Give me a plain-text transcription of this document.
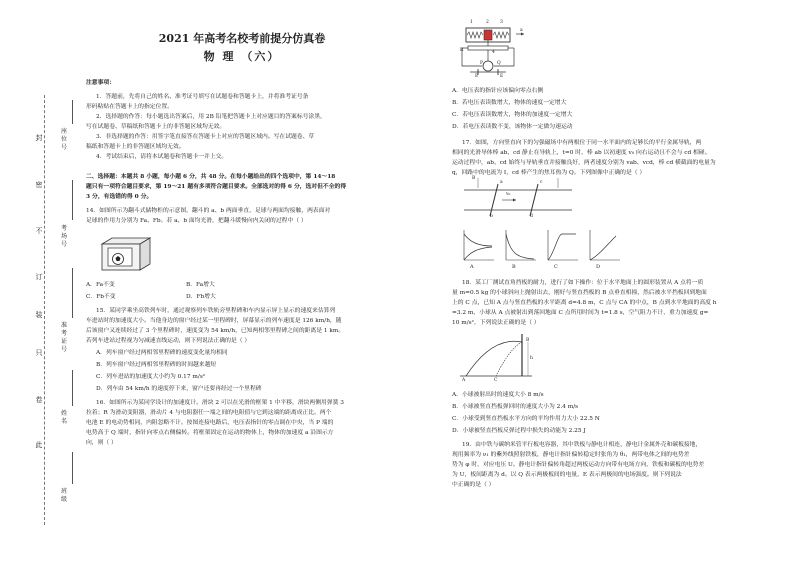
封
密
不
订
装
只
卷
此
座位号
考场号
准考证号
姓名
班级
2021 年高考名校考前提分仿真卷
物 理 （六）
注意事项：
1．答题前，先将自己的姓名、准考证号填写在试题卷和答题卡上，并将准考证号条
形码粘贴在答题卡上的指定位置。
2．选择题的作答：每小题选出答案后，用 2B 铅笔把答题卡上对应题目的答案标号涂黑，
写在试题卷、草稿纸和答题卡上的非答题区域均无效。
3．非选择题的作答：用签字笔直接答在答题卡上对应的答题区域内。写在试题卷、草
稿纸和答题卡上的非答题区域均无效。
4．考试结束后，请将本试题卷和答题卡一并上交。
二、选择题：本题共 8 小题，每小题 6 分，共 48 分。在每小题给出的四个选项中，第 14～18
题只有一项符合题目要求，第 19～21 题有多项符合题目要求。全部选对的得 6 分，选对但不全的得
3 分，有选错的得 0 分。
14．如图所示为翻斗式储物柜的示意图，翻斗的 a、b 两面垂直，足球与两面均接触，两表面对
足球的作用力分别为 Fa、Fb。若 a、b 面均光滑，把翻斗缓慢向内关闭的过程中（ ）
A．Fa不变	B．Fa增大
C．Fb不变	D．Fb增大
15．某同学乘坐高铁列车时，通过观察列车铁轨旁里程碑和车内显示屏上显示的速度来估算列
车进站时的加速度大小。当他身边的窗户经过某一里程碑时，屏幕显示的列车速度是 126 km/h，随
后该窗户又连续经过了 3 个里程碑时，速度变为 54 km/h，已知两相邻里程碑之间的距离是 1 km。
若列车进站过程视为匀减速直线运动，则下列说法正确的是（ ）
A．列车窗户经过两相邻里程碑的速度变化量均相同
B．列车窗户经过两相邻里程碑的时间越来越短
C．列车进站的加速度大小约为 0.17 m/s²
D．列车由 54 km/h 的速度停下来，窗户还要再经过一个里程碑
16．如图所示为某同学设计的加速度计。滑块 2 可以在光滑的框架 1 中平移，滑块两侧用弹簧 3
拉着；R 为滑动变阻器，滑动片 4 与电阻器任一端之间的电阻值与它到这端的距离成正比。两个
电池 E 的电动势相同，内阻忽略不计。按图连接电路后，电压表指针的零点调在中央，当 P 端的
电势高于 Q 端时，指针向零点右侧偏转。将框架固定在运动的物体上，物体的加速度 a 沿图示方
向，则（ ）
A．电压表的指针应该偏向零点右侧
B．若电压表读数增大，物体的速度一定增大
C．若电压表读数增大，物体的加速度一定增大
D．若电压表读数不变，该物体一定做匀速运动
17．如图，方向竖直向下的匀强磁场中有两根位于同一水平面内的足够长的平行金属导轨，两
相同的光滑导体棒 ab、cd 静止在导轨上，t=0 时，棒 ab 以初速度 v₀ 向右运动且不会与 cd 相碰。
运动过程中，ab、cd 始终与导轨垂直并接触良好，两者速度分别为 vab、vcd，棒 cd 横截面的电量为
q，回路中的电流为 I，cd 棒产生的焦耳热为 Q。下列图像中正确的是（ ）
18．某工厂测试直角挡板的耐力，进行了如下操作：位于水平地面上的圆形装置从 A 点将一质
量 m=0.5 kg 的小球斜向上抛射出去，刚好与竖直挡板的 B 点垂直相撞，然后被水平挡板回到地面
上的 C 点，已知 A 点与竖直挡板的水平距离 d=4.8 m，C 点与 CA 的中点，B 点到水平地面的高度 h
=3.2 m，小球从 A 点被射出到落回地面 C 点所用时间为 t=1.8 s，空气阻力不计，重力加速度 g=
10 m/s²，下列说法正确的是（ ）
A．小球被射出时的速度大小 8 m/s
B．小球被竖直挡板弹回时的速度大小为 2.4 m/s
C．小球受到竖直挡板水平方向的平均作用力大小 22.5 N
D．小球被竖直挡板反弹过程中损失的动能为 2.25 J
19．由中铁与碳纳米管平行板电容器，其中铁板与静电计相连，静电计金属外壳和碳板接地，
现用频率为 ν₁ 的紫外线照射铁板，静电计指针偏转稳定时张角为 θ₁，两带电体之间的电势差
势为 φ 时，对应电压 U。静电计指针偏转角超过两板运动方向带有电场方向，铁板和碳板的电势差
为 U，板间距离为 d。以 Q 表示两极板间的电量，E 表示两极间的电场强度。则下列说法
中正确的是（ ）
1	2 3
4
R
P	Q
E	E
a
a
b
c
d
B
v₀
A	B	C	D
A
B
C
h
